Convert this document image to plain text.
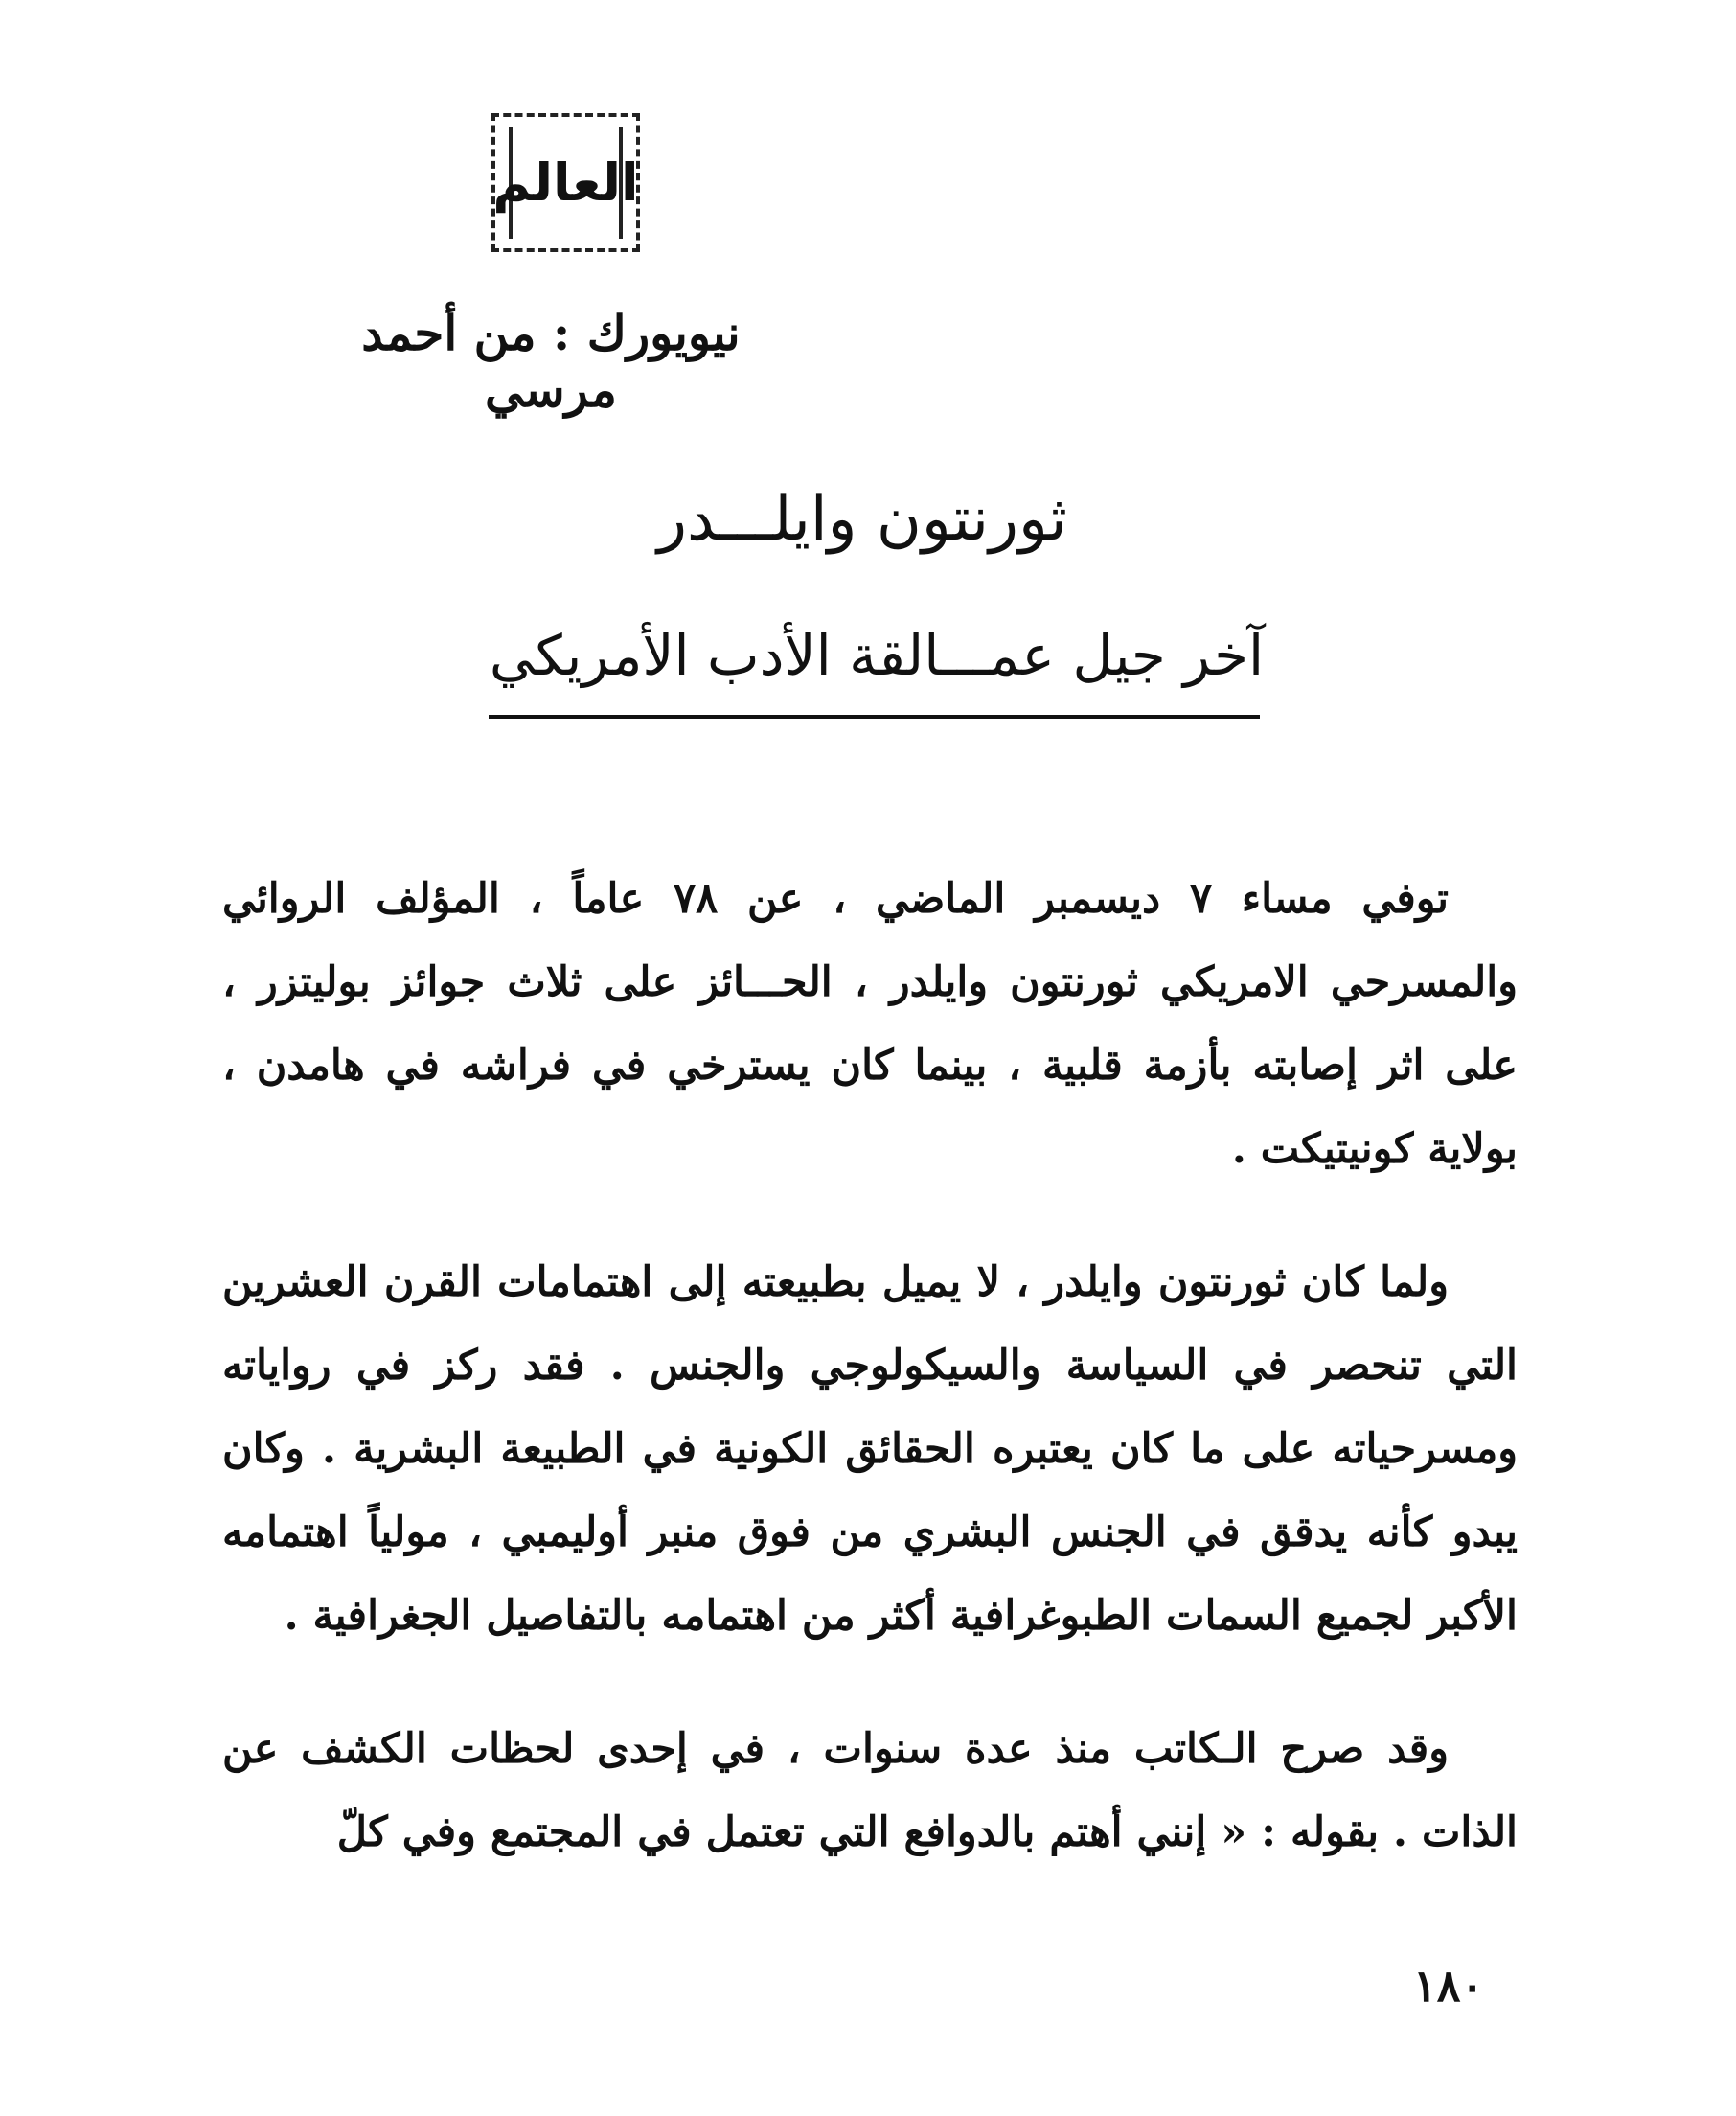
العالم
نيويورك : من أحمد مرسي
ثورنتون وايلـــدر
آخر جيل عمـــالقة الأدب الأمريكي

توفي مساء ٧ ديسمبر الماضي ، عن ٧٨ عاماً ، المؤلف الروائي والمسرحي الامريكي ثورنتون وايلدر ، الحـــائز على ثلاث جوائز بوليتزر ، على اثر إصابته بأزمة قلبية ، بينما كان يسترخي في فراشه في هامدن ، بولاية كونيتيكت .

ولما كان ثورنتون وايلدر ، لا يميل بطبيعته إلى اهتمامات القرن العشرين التي تنحصر في السياسة والسيكولوجي والجنس . فقد ركز في رواياته ومسرحياته على ما كان يعتبره الحقائق الكونية في الطبيعة البشرية . وكان يبدو كأنه يدقق في الجنس البشري من فوق منبر أوليمبي ، مولياً اهتمامه الأكبر لجميع السمات الطبوغرافية أكثر من اهتمامه بالتفاصيل الجغرافية .

وقد صرح الـكاتب منذ عدة سنوات ، في إحدى لحظات الكشف عن الذات . بقوله : « إنني أهتم بالدوافع التي تعتمل في المجتمع وفي كلّ

١٨٠
